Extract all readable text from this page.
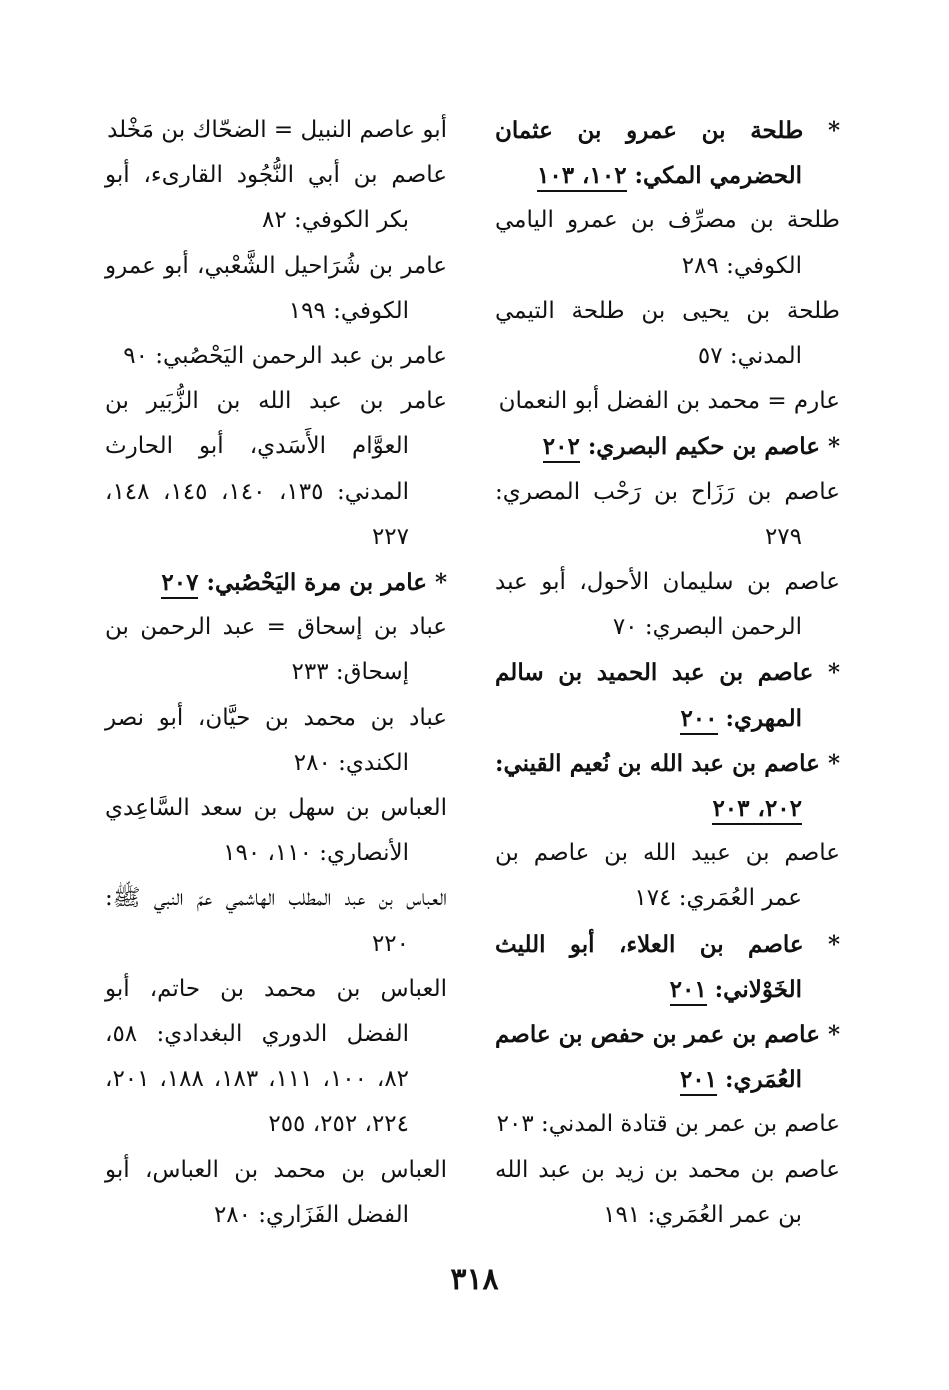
* طلحة بن عمرو بن عثمان الحضرمي المكي: ١٠٢، ١٠٣

طلحة بن مصرِّف بن عمرو اليامي الكوفي: ٢٨٩

طلحة بن يحيى بن طلحة التيمي المدني: ٥٧

عارم = محمد بن الفضل أبو النعمان

* عاصم بن حكيم البصري: ٢٠٢

عاصم بن رَزَاح بن رَحْب المصري: ٢٧٩

عاصم بن سليمان الأحول، أبو عبد الرحمن البصري: ٧٠

* عاصم بن عبد الحميد بن سالم المهري: ٢٠٠

* عاصم بن عبد الله بن نُعيم القيني: ٢٠٢، ٢٠٣

عاصم بن عبيد الله بن عاصم بن عمر العُمَري: ١٧٤

* عاصم بن العلاء، أبو الليث الخَوْلاني: ٢٠١

* عاصم بن عمر بن حفص بن عاصم العُمَري: ٢٠١

عاصم بن عمر بن قتادة المدني: ٢٠٣

عاصم بن محمد بن زيد بن عبد الله بن عمر العُمَري: ١٩١

أبو عاصم النبيل = الضحّاك بن مَخْلد

عاصم بن أبي النُّجُود القارىء، أبو بكر الكوفي: ٨٢

عامر بن شُرَاحيل الشَّعْبي، أبو عمرو الكوفي: ١٩٩

عامر بن عبد الرحمن اليَحْصُبي: ٩٠

عامر بن عبد الله بن الزُّبَير بن العوَّام الأَسَدي، أبو الحارث المدني: ١٣٥، ١٤٠، ١٤٥، ١٤٨، ٢٢٧

* عامر بن مرة اليَحْصُبي: ٢٠٧

عباد بن إسحاق = عبد الرحمن بن إسحاق: ٢٣٣

عباد بن محمد بن حيَّان، أبو نصر الكندي: ٢٨٠

العباس بن سهل بن سعد السَّاعِدي الأنصاري: ١١٠، ١٩٠

العباس بن عبد المطلب الهاشمي عمّ النبي ﷺ: ٢٢٠

العباس بن محمد بن حاتم، أبو الفضل الدوري البغدادي: ٥٨، ٨٢، ١٠٠، ١١١، ١٨٣، ١٨٨، ٢٠١، ٢٢٤، ٢٥٢، ٢٥٥

العباس بن محمد بن العباس، أبو الفضل الفَزَاري: ٢٨٠

٣١٨
